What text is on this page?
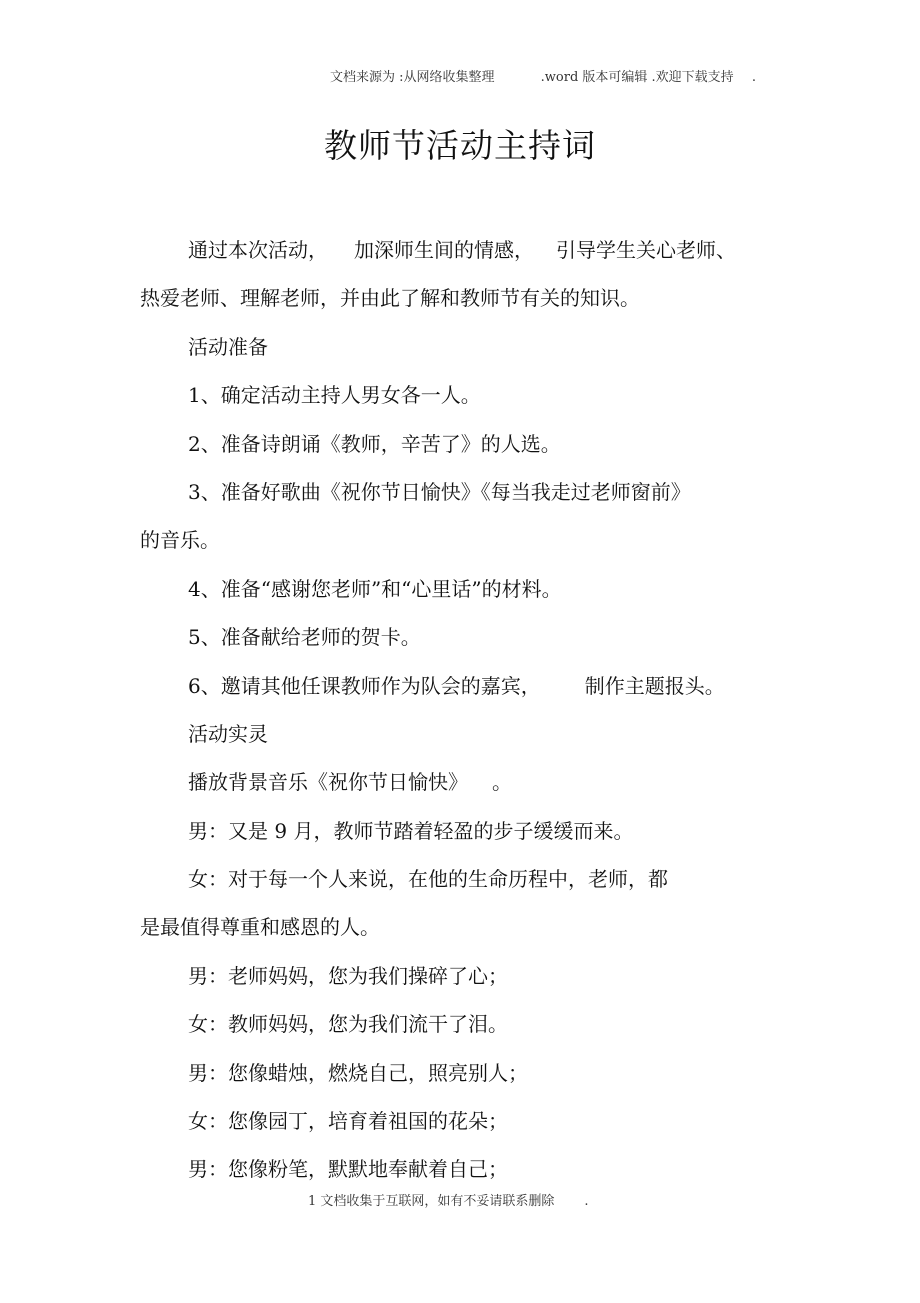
文档来源为 :从网络收集整理	.word 版本可编辑 .欢迎下载支持 .
教师节活动主持词
通过本次活动， 加深师生间的情感， 引导学生关心老师、
热爱老师、理解老师，并由此了解和教师节有关的知识。
活动准备
1、确定活动主持人男女各一人。
2、准备诗朗诵《教师，辛苦了》的人选。
3、准备好歌曲《祝你节日愉快》《每当我走过老师窗前》
的音乐。
4、准备“感谢您老师”和“心里话”的材料。
5、准备献给老师的贺卡。
6、邀请其他任课教师作为队会的嘉宾， 制作主题报头。
活动实灵
播放背景音乐《祝你节日愉快》 。
男：又是 9 月，教师节踏着轻盈的步子缓缓而来。
女：对于每一个人来说，在他的生命历程中，老师，都
是最值得尊重和感恩的人。
男：老师妈妈，您为我们操碎了心；
女：教师妈妈，您为我们流干了泪。
男：您像蜡烛，燃烧自己，照亮别人；
女：您像园丁，培育着祖国的花朵；
男：您像粉笔，默默地奉献着自己；
1 文档收集于互联网，如有不妥请联系删除 .
